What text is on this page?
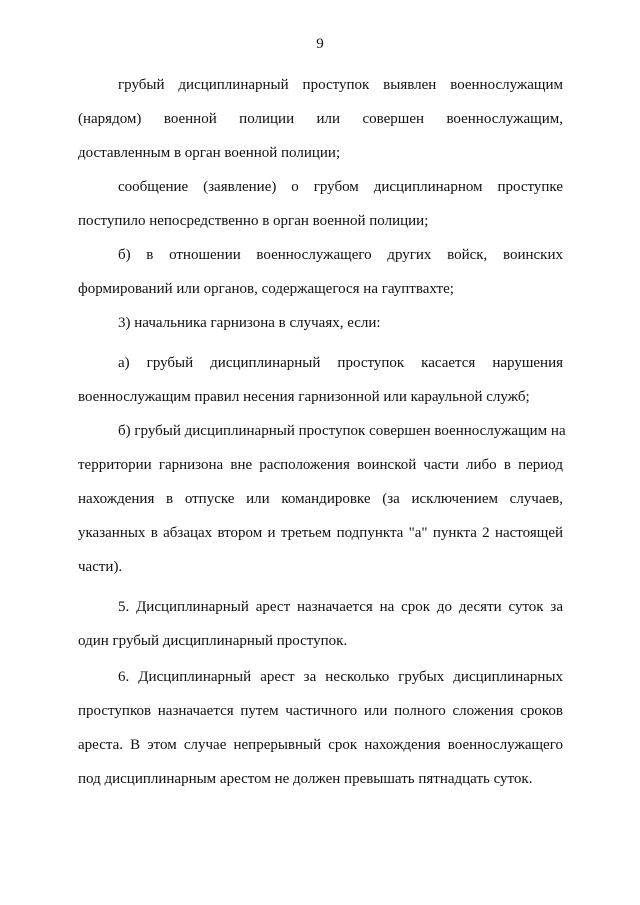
9
грубый дисциплинарный проступок выявлен военнослужащим
(нарядом) военной полиции или совершен военнослужащим,
доставленным в орган военной полиции;
сообщение (заявление) о грубом дисциплинарном проступке
поступило непосредственно в орган военной полиции;
б) в отношении военнослужащего других войск, воинских
формирований или органов, содержащегося на гауптвахте;
3) начальника гарнизона в случаях, если:
а) грубый дисциплинарный проступок касается нарушения
военнослужащим правил несения гарнизонной или караульной служб;
б) грубый дисциплинарный проступок совершен военнослужащим на
территории гарнизона вне расположения воинской части либо в период
нахождения в отпуске или командировке (за исключением случаев,
указанных в абзацах втором и третьем подпункта "а" пункта 2 настоящей
части).
5. Дисциплинарный арест назначается на срок до десяти суток за
один грубый дисциплинарный проступок.
6. Дисциплинарный арест за несколько грубых дисциплинарных
проступков назначается путем частичного или полного сложения сроков
ареста. В этом случае непрерывный срок нахождения военнослужащего
под дисциплинарным арестом не должен превышать пятнадцать суток.
